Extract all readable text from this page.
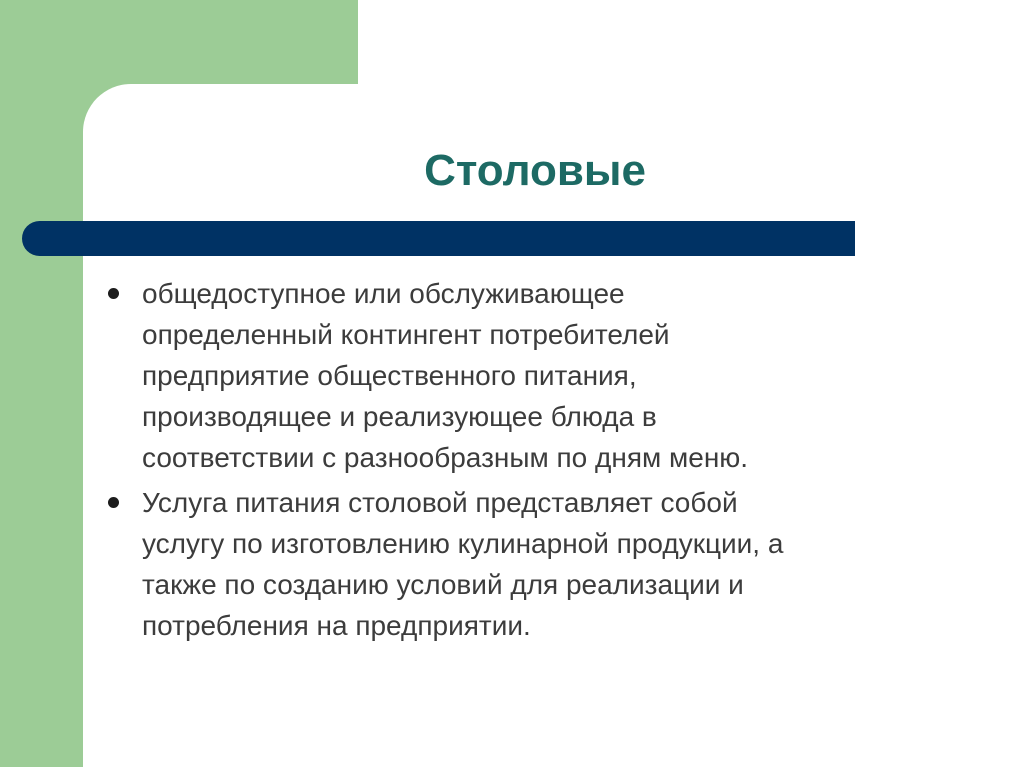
Столовые
общедоступное или обслуживающее
определенный контингент потребителей
предприятие общественного питания,
производящее и реализующее блюда в
соответствии с разнообразным по дням меню.
Услуга питания столовой представляет собой
услугу по изготовлению кулинарной продукции, а
также по созданию условий для реализации и
потребления на предприятии.
